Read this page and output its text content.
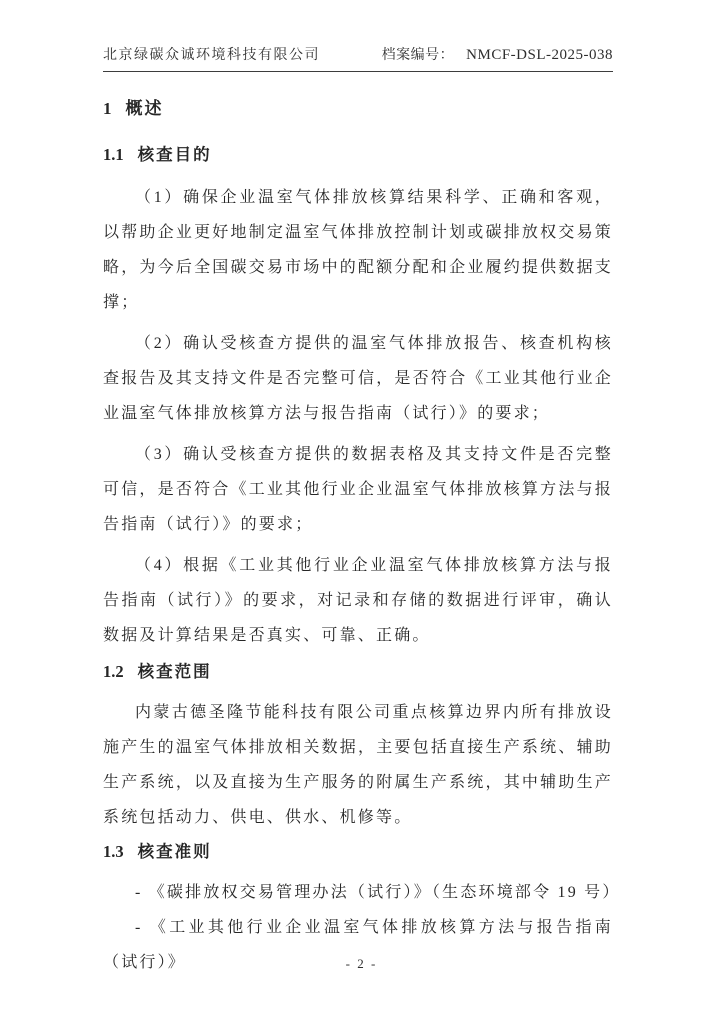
北京绿碳众诚环境科技有限公司	档案编号： NMCF-DSL-2025-038
1 概述
1.1 核查目的

（1）确保企业温室气体排放核算结果科学、正确和客观，以帮助企业更好地制定温室气体排放控制计划或碳排放权交易策略，为今后全国碳交易市场中的配额分配和企业履约提供数据支撑；

（2）确认受核查方提供的温室气体排放报告、核查机构核查报告及其支持文件是否完整可信，是否符合《工业其他行业企业温室气体排放核算方法与报告指南（试行）》的要求；

（3）确认受核查方提供的数据表格及其支持文件是否完整可信，是否符合《工业其他行业企业温室气体排放核算方法与报告指南（试行）》的要求；

（4）根据《工业其他行业企业温室气体排放核算方法与报告指南（试行）》的要求，对记录和存储的数据进行评审，确认数据及计算结果是否真实、可靠、正确。

1.2 核查范围

内蒙古德圣隆节能科技有限公司重点核算边界内所有排放设施产生的温室气体排放相关数据，主要包括直接生产系统、辅助生产系统，以及直接为生产服务的附属生产系统，其中辅助生产系统包括动力、供电、供水、机修等。

1.3 核查准则

- 《碳排放权交易管理办法（试行）》（生态环境部令 19 号）

- 《工业其他行业企业温室气体排放核算方法与报告指南（试行）》	- 2 -
